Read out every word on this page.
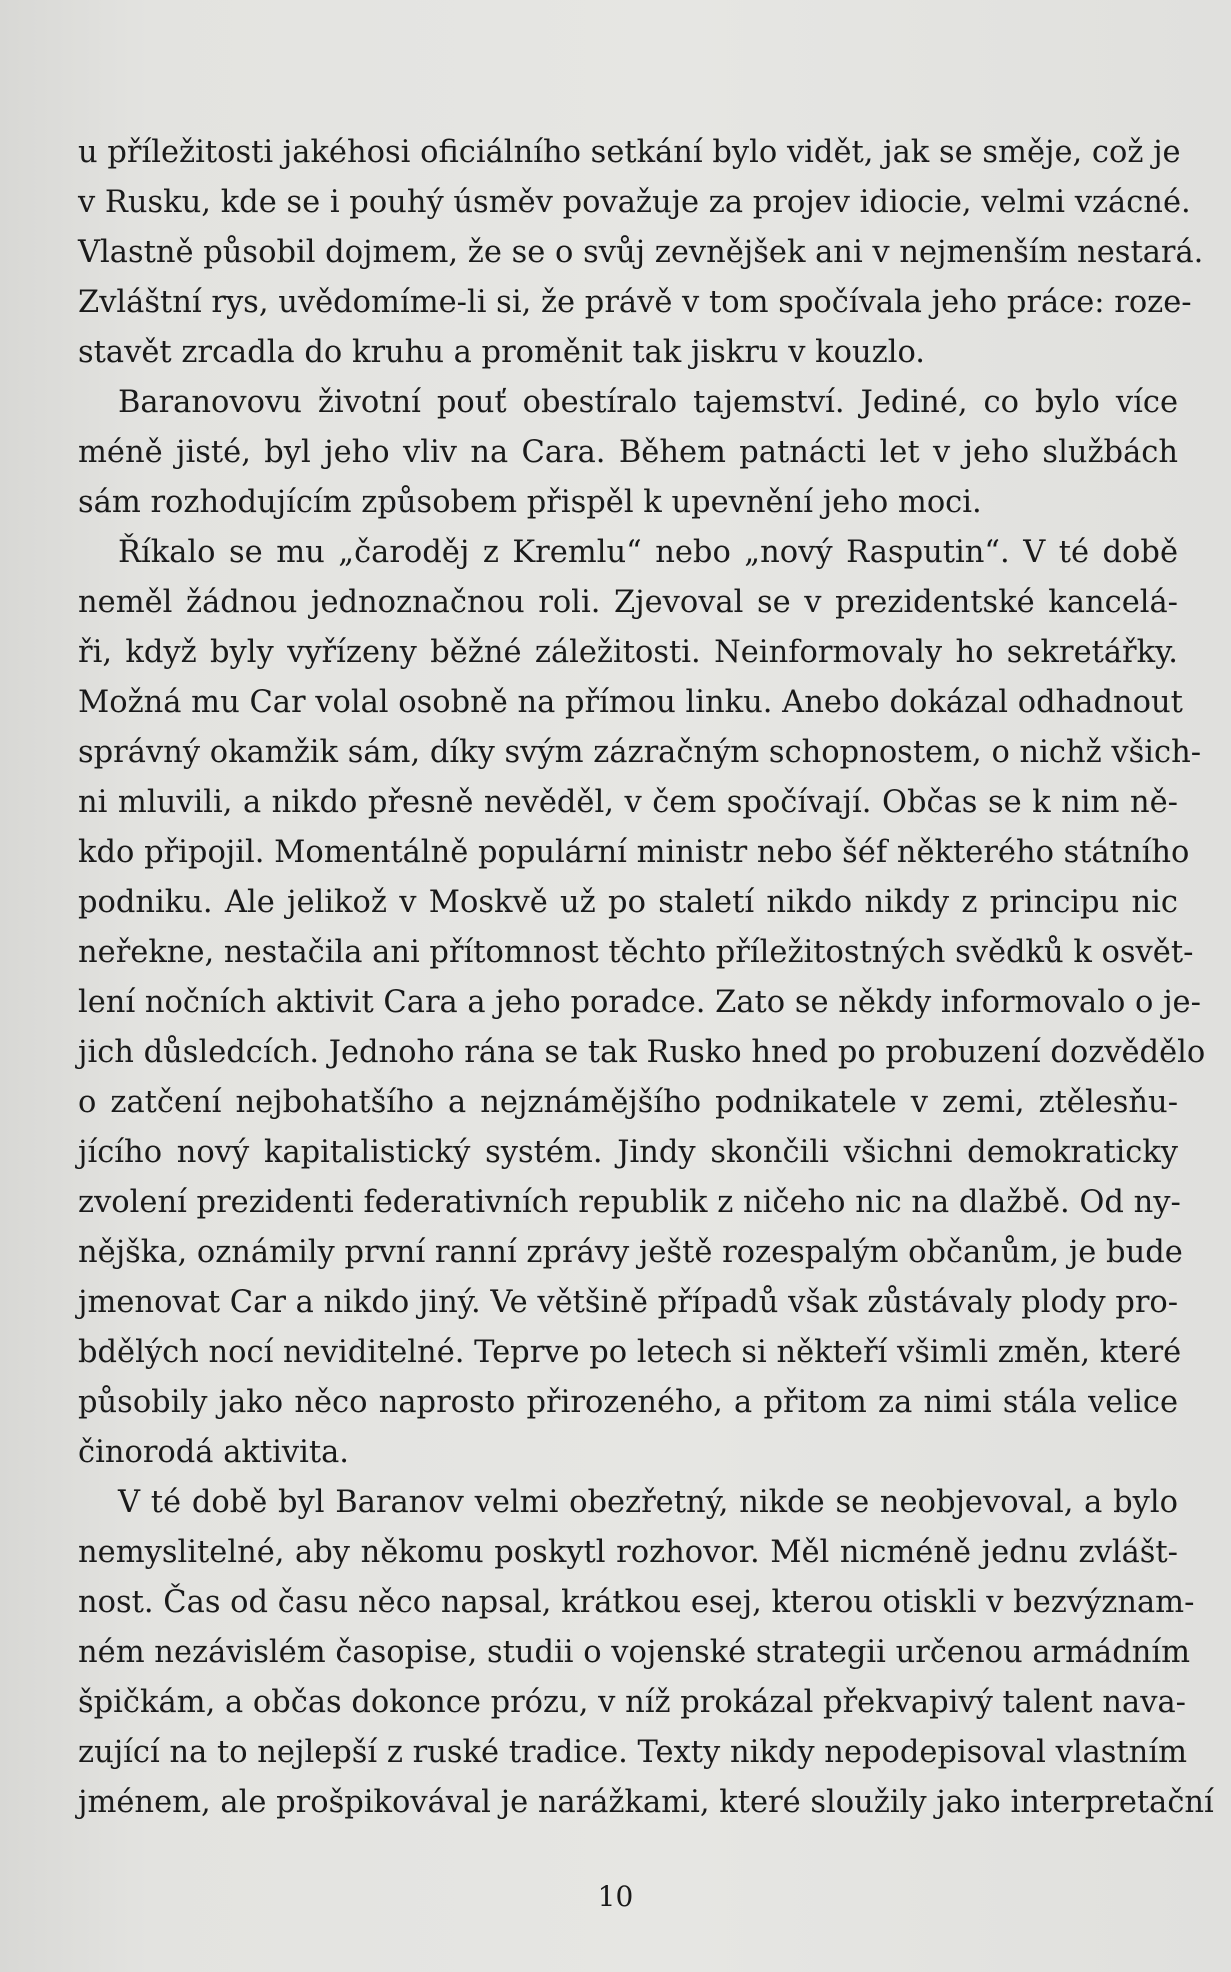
u příležitosti jakéhosi oficiálního setkání bylo vidět, jak se směje, což je
v Rusku, kde se i pouhý úsměv považuje za projev idiocie, velmi vzácné.
Vlastně působil dojmem, že se o svůj zevnějšek ani v nejmenším nestará.
Zvláštní rys, uvědomíme-li si, že právě v tom spočívala jeho práce: roze-
stavět zrcadla do kruhu a proměnit tak jiskru v kouzlo.
Baranovovu životní pouť obestíralo tajemství. Jediné, co bylo více
méně jisté, byl jeho vliv na Cara. Během patnácti let v jeho službách
sám rozhodujícím způsobem přispěl k upevnění jeho moci.
Říkalo se mu „čaroděj z Kremlu“ nebo „nový Rasputin“. V té době
neměl žádnou jednoznačnou roli. Zjevoval se v prezidentské kancelá-
ři, když byly vyřízeny běžné záležitosti. Neinformovaly ho sekretářky.
Možná mu Car volal osobně na přímou linku. Anebo dokázal odhadnout
správný okamžik sám, díky svým zázračným schopnostem, o nichž všich-
ni mluvili, a nikdo přesně nevěděl, v čem spočívají. Občas se k nim ně-
kdo připojil. Momentálně populární ministr nebo šéf některého státního
podniku. Ale jelikož v Moskvě už po staletí nikdo nikdy z principu nic
neřekne, nestačila ani přítomnost těchto příležitostných svědků k osvět-
lení nočních aktivit Cara a jeho poradce. Zato se někdy informovalo o je-
jich důsledcích. Jednoho rána se tak Rusko hned po probuzení dozvědělo
o zatčení nejbohatšího a nejznámějšího podnikatele v zemi, ztělesňu-
jícího nový kapitalistický systém. Jindy skončili všichni demokraticky
zvolení prezidenti federativních republik z ničeho nic na dlažbě. Od ny-
nějška, oznámily první ranní zprávy ještě rozespalým občanům, je bude
jmenovat Car a nikdo jiný. Ve většině případů však zůstávaly plody pro-
bdělých nocí neviditelné. Teprve po letech si někteří všimli změn, které
působily jako něco naprosto přirozeného, a přitom za nimi stála velice
činorodá aktivita.
V té době byl Baranov velmi obezřetný, nikde se neobjevoval, a bylo
nemyslitelné, aby někomu poskytl rozhovor. Měl nicméně jednu zvlášt-
nost. Čas od času něco napsal, krátkou esej, kterou otiskli v bezvýznam-
ném nezávislém časopise, studii o vojenské strategii určenou armádním
špičkám, a občas dokonce prózu, v níž prokázal překvapivý talent nava-
zující na to nejlepší z ruské tradice. Texty nikdy nepodepisoval vlastním
jménem, ale prošpikovával je narážkami, které sloužily jako interpretační
10
